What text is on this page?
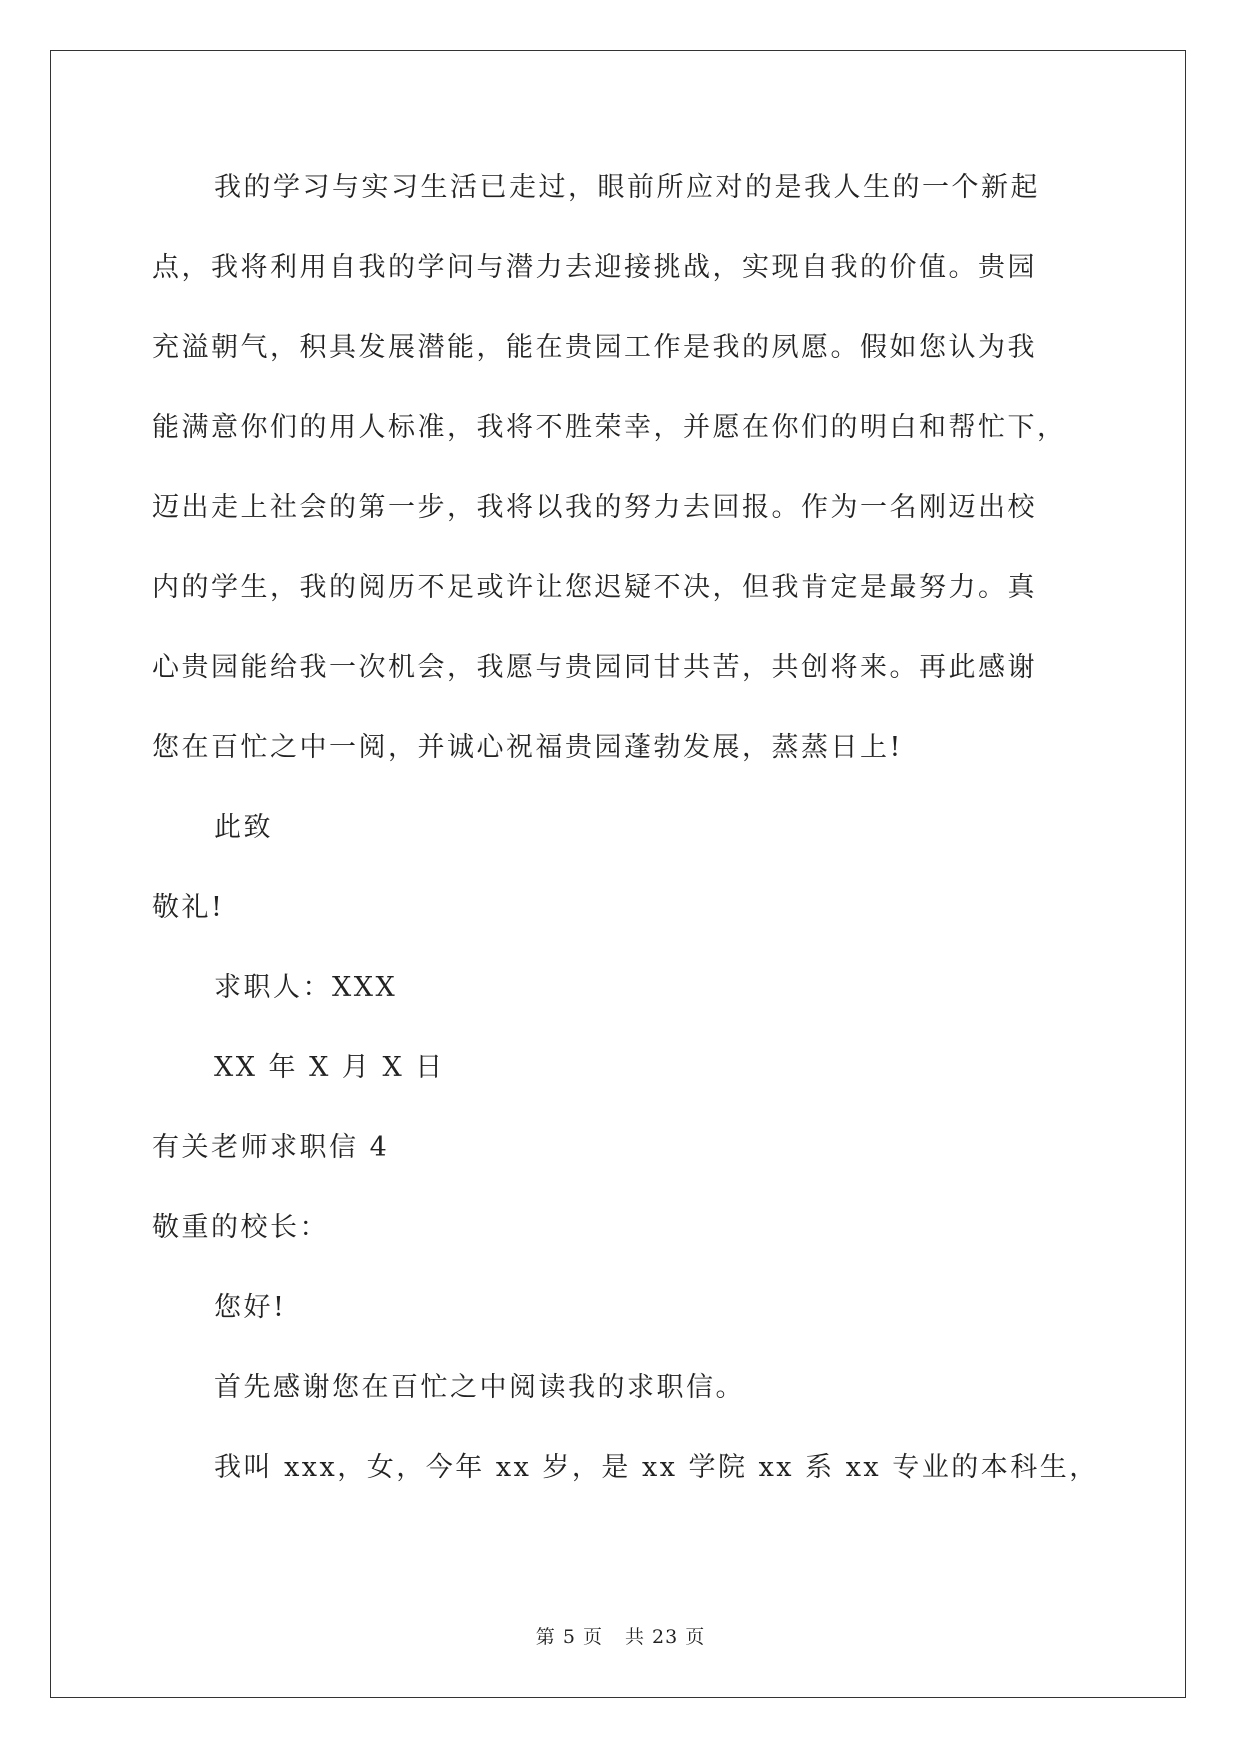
我的学习与实习生活已走过，眼前所应对的是我人生的一个新起
点，我将利用自我的学问与潜力去迎接挑战，实现自我的价值。贵园
充溢朝气，积具发展潜能，能在贵园工作是我的夙愿。假如您认为我
能满意你们的用人标准，我将不胜荣幸，并愿在你们的明白和帮忙下，
迈出走上社会的第一步，我将以我的努力去回报。作为一名刚迈出校
内的学生，我的阅历不足或许让您迟疑不决，但我肯定是最努力。真
心贵园能给我一次机会，我愿与贵园同甘共苦，共创将来。再此感谢
您在百忙之中一阅，并诚心祝福贵园蓬勃发展，蒸蒸日上!
此致
敬礼!
求职人：XXX
XX 年 X 月 X 日
有关老师求职信 4
敬重的校长：
您好!
首先感谢您在百忙之中阅读我的求职信。
我叫 xxx，女，今年 xx 岁，是 xx 学院 xx 系 xx 专业的本科生，
第 5 页 共 23 页
